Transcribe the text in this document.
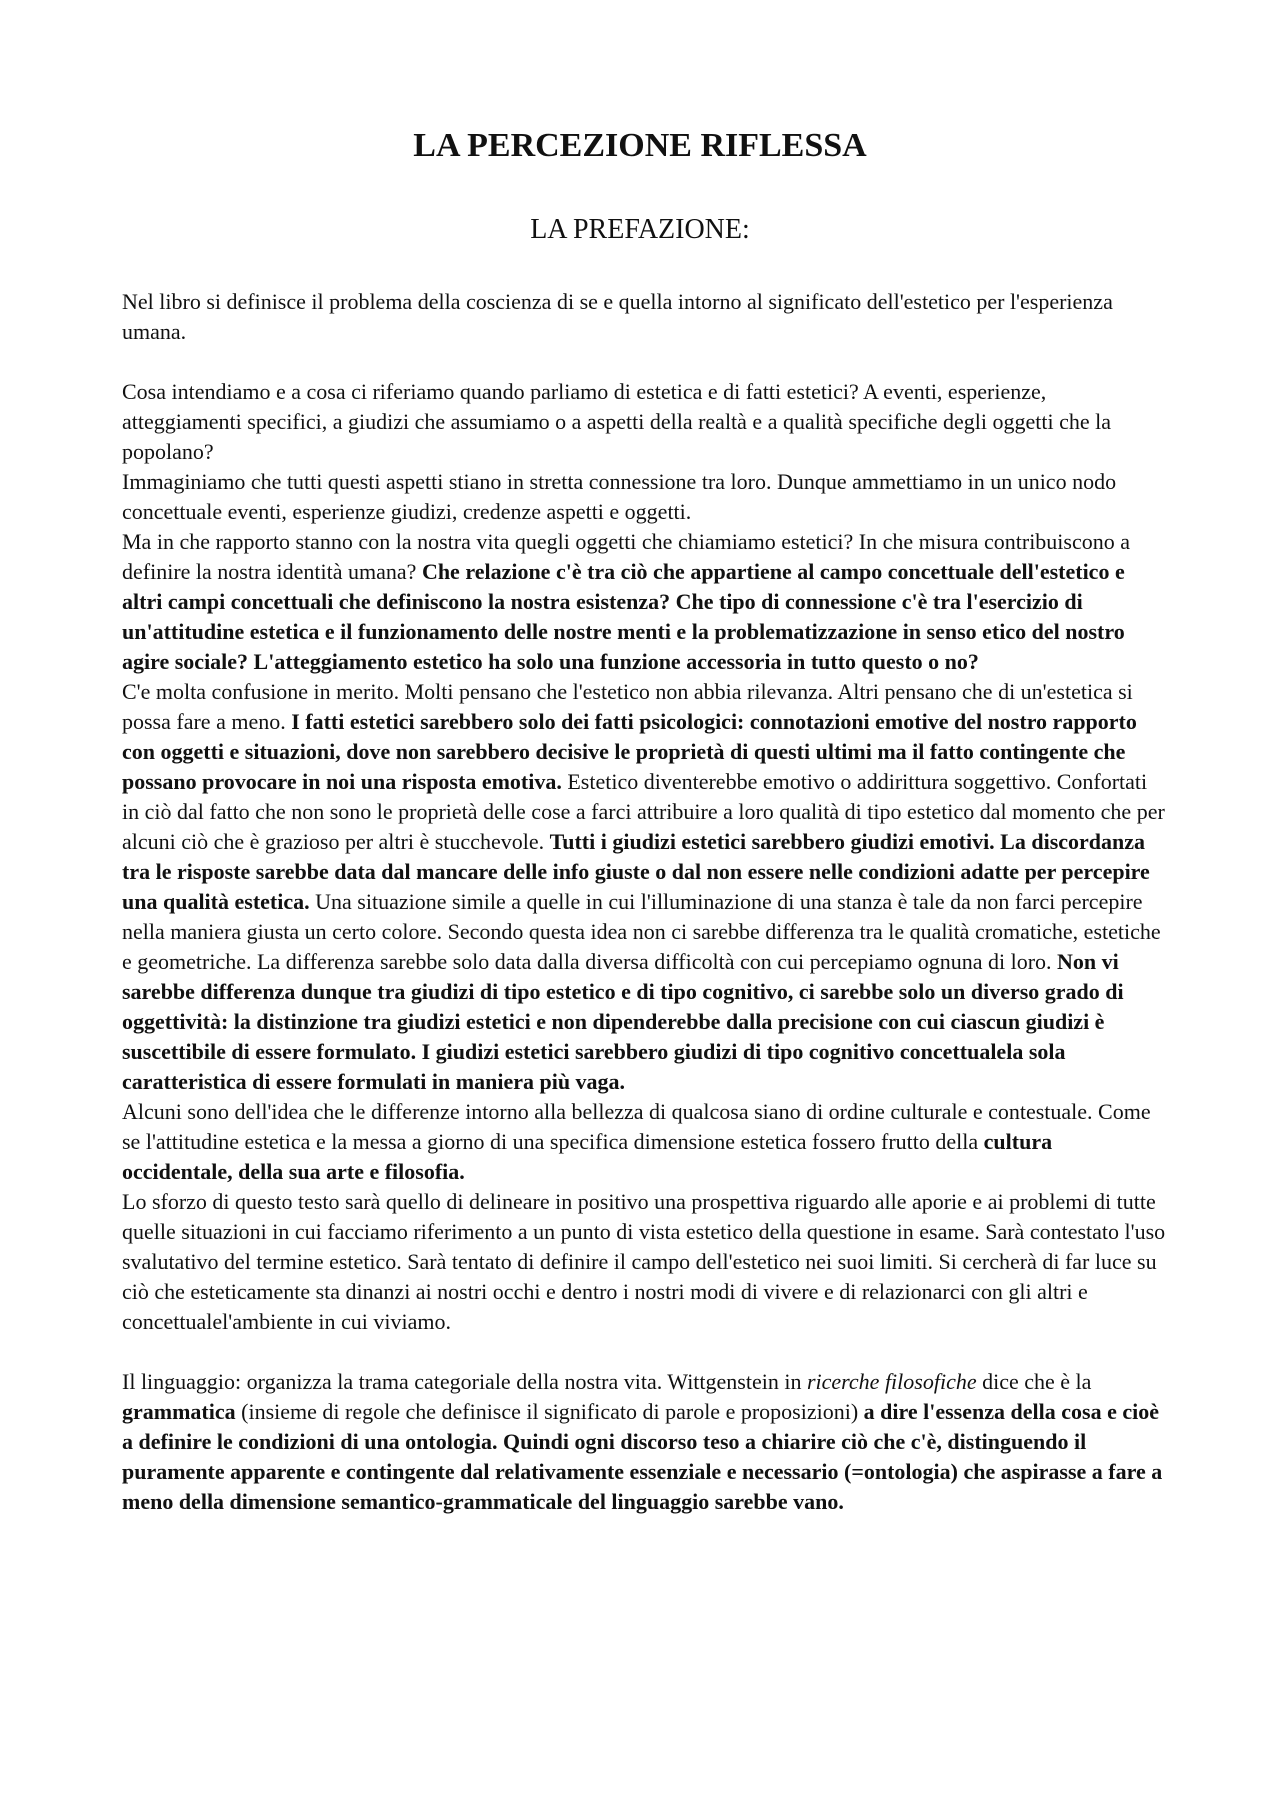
LA PERCEZIONE RIFLESSA
LA PREFAZIONE:

Nel libro si definisce il problema della coscienza di se e quella intorno al significato dell'estetico per l'esperienza umana.

Cosa intendiamo e a cosa ci riferiamo quando parliamo di estetica e di fatti estetici? A eventi, esperienze, atteggiamenti specifici, a giudizi che assumiamo o a aspetti della realtà e a qualità specifiche degli oggetti che la popolano?

Immaginiamo che tutti questi aspetti stiano in stretta connessione tra loro. Dunque ammettiamo in un unico nodo concettuale eventi, esperienze giudizi, credenze aspetti e oggetti.

Ma in che rapporto stanno con la nostra vita quegli oggetti che chiamiamo estetici? In che misura contribuiscono a definire la nostra identità umana? Che relazione c'è tra ciò che appartiene al campo concettuale dell'estetico e altri campi concettuali che definiscono la nostra esistenza? Che tipo di connessione c'è tra l'esercizio di un'attitudine estetica e il funzionamento delle nostre menti e la problematizzazione in senso etico del nostro agire sociale? L'atteggiamento estetico ha solo una funzione accessoria in tutto questo o no?

C'e molta confusione in merito. Molti pensano che l'estetico non abbia rilevanza. Altri pensano che di un'estetica si possa fare a meno. I fatti estetici sarebbero solo dei fatti psicologici: connotazioni emotive del nostro rapporto con oggetti e situazioni, dove non sarebbero decisive le proprietà di questi ultimi ma il fatto contingente che possano provocare in noi una risposta emotiva. Estetico diventerebbe emotivo o addirittura soggettivo. Confortati in ciò dal fatto che non sono le proprietà delle cose a farci attribuire a loro qualità di tipo estetico dal momento che per alcuni ciò che è grazioso per altri è stucchevole. Tutti i giudizi estetici sarebbero giudizi emotivi. La discordanza tra le risposte sarebbe data dal mancare delle info giuste o dal non essere nelle condizioni adatte per percepire una qualità estetica. Una situazione simile a quelle in cui l'illuminazione di una stanza è tale da non farci percepire nella maniera giusta un certo colore. Secondo questa idea non ci sarebbe differenza tra le qualità cromatiche, estetiche e geometriche. La differenza sarebbe solo data dalla diversa difficoltà con cui percepiamo ognuna di loro. Non vi sarebbe differenza dunque tra giudizi di tipo estetico e di tipo cognitivo, ci sarebbe solo un diverso grado di oggettività: la distinzione tra giudizi estetici e non dipenderebbe dalla precisione con cui ciascun giudizi è suscettibile di essere formulato. I giudizi estetici sarebbero giudizi di tipo cognitivo concettualela sola caratteristica di essere formulati in maniera più vaga.

Alcuni sono dell'idea che le differenze intorno alla bellezza di qualcosa siano di ordine culturale e contestuale. Come se l'attitudine estetica e la messa a giorno di una specifica dimensione estetica fossero frutto della cultura occidentale, della sua arte e filosofia.

Lo sforzo di questo testo sarà quello di delineare in positivo una prospettiva riguardo alle aporie e ai problemi di tutte quelle situazioni in cui facciamo riferimento a un punto di vista estetico della questione in esame. Sarà contestato l'uso svalutativo del termine estetico. Sarà tentato di definire il campo dell'estetico nei suoi limiti. Si cercherà di far luce su ciò che esteticamente sta dinanzi ai nostri occhi e dentro i nostri modi di vivere e di relazionarci con gli altri e concettualel'ambiente in cui viviamo.

Il linguaggio: organizza la trama categoriale della nostra vita. Wittgenstein in ricerche filosofiche dice che è la grammatica (insieme di regole che definisce il significato di parole e proposizioni) a dire l'essenza della cosa e cioè a definire le condizioni di una ontologia. Quindi ogni discorso teso a chiarire ciò che c'è, distinguendo il puramente apparente e contingente dal relativamente essenziale e necessario (=ontologia) che aspirasse a fare a meno della dimensione semantico-grammaticale del linguaggio sarebbe vano.
